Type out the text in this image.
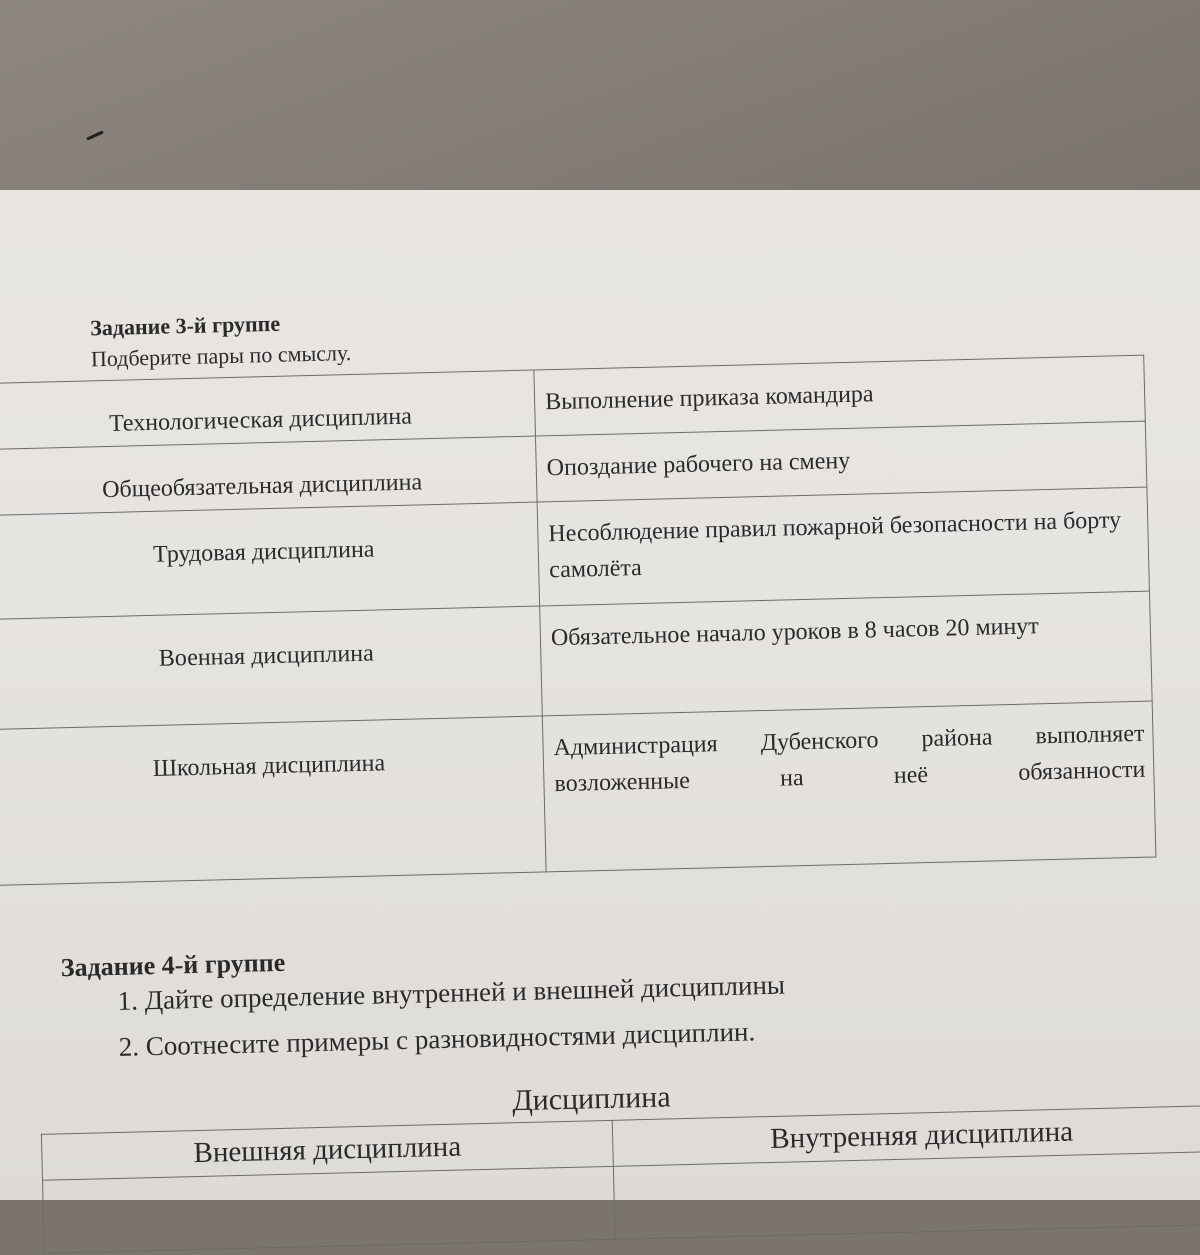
Задание 3-й группе
Подберите пары по смыслу.
Технологическая дисциплина	Выполнение приказа командира
Общеобязательная дисциплина	Опоздание рабочего на смену
Трудовая дисциплина	Несоблюдение правил пожарной безопасности на борту самолёта
Военная дисциплина	Обязательное начало уроков в 8 часов 20 минут
Школьная дисциплина	Администрация Дубенского района выполняет возложенные на неё обязанности
Задание 4-й группе
1. Дайте определение внутренней и внешней дисциплины
2. Соотнесите примеры с разновидностями дисциплин.
Дисциплина
Внешняя дисциплина	Внутренняя дисциплина
